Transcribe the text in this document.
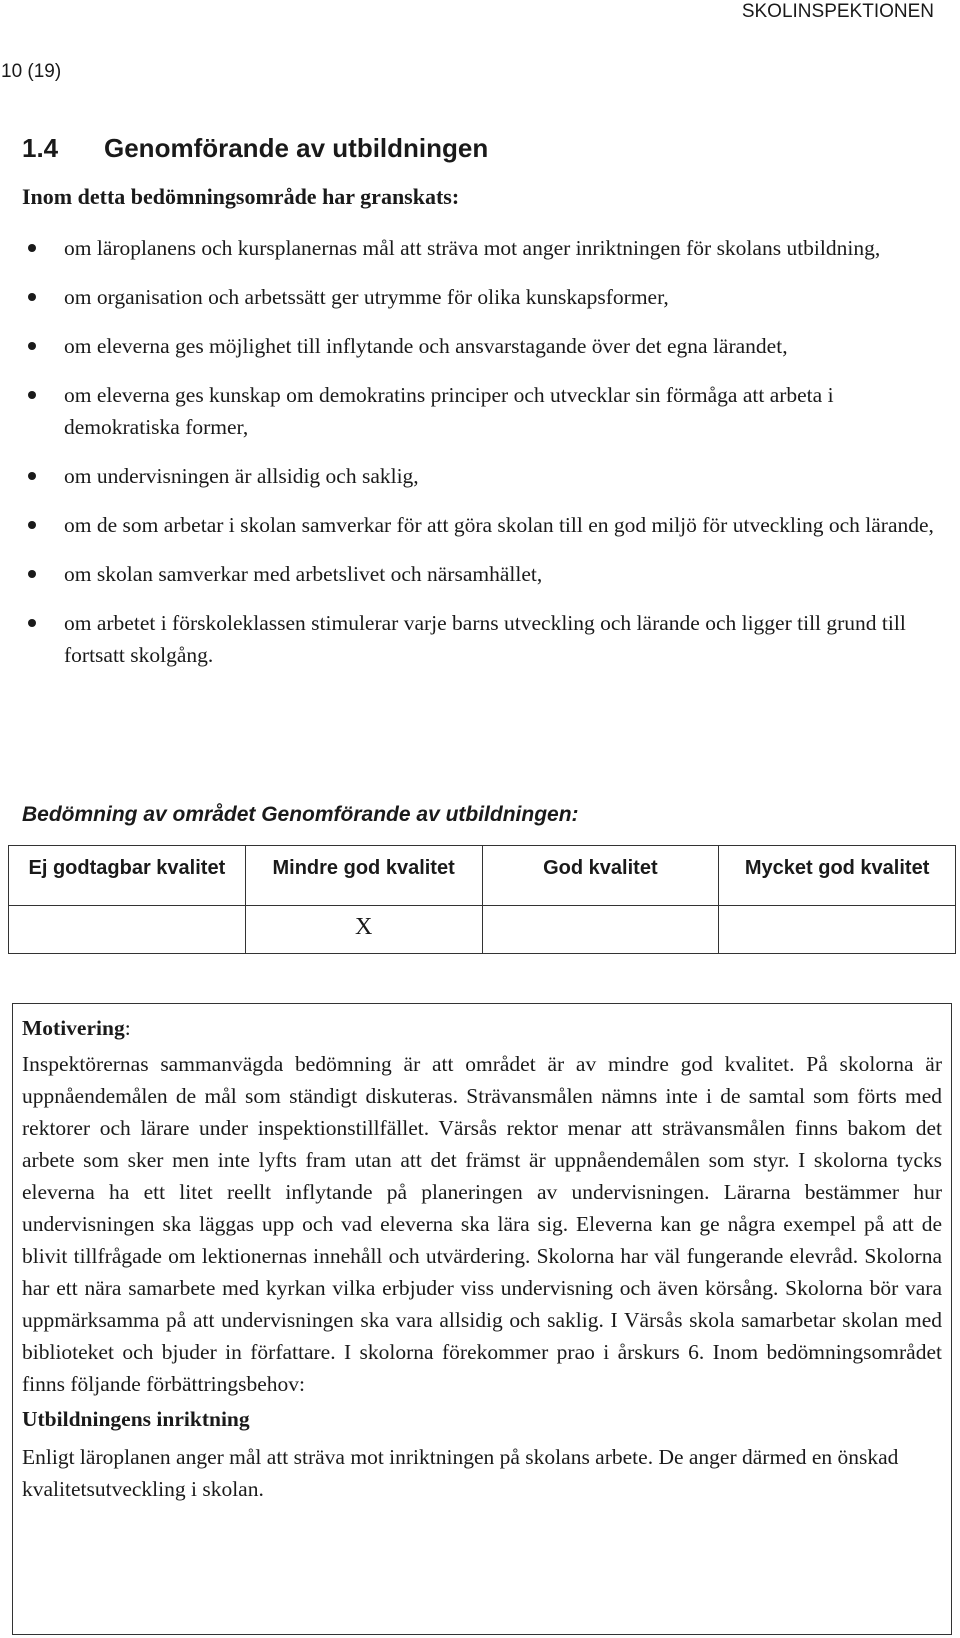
SKOLINSPEKTIONEN
10 (19)
1.4 Genomförande av utbildningen
Inom detta bedömningsområde har granskats:
om läroplanens och kursplanernas mål att sträva mot anger inriktningen för skolans utbildning,
om organisation och arbetssätt ger utrymme för olika kunskapsformer,
om eleverna ges möjlighet till inflytande och ansvarstagande över det egna lärandet,
om eleverna ges kunskap om demokratins principer och utvecklar sin förmåga att arbeta i demokratiska former,
om undervisningen är allsidig och saklig,
om de som arbetar i skolan samverkar för att göra skolan till en god miljö för utveckling och lärande,
om skolan samverkar med arbetslivet och närsamhället,
om arbetet i förskoleklassen stimulerar varje barns utveckling och lärande och ligger till grund till fortsatt skolgång.
Bedömning av området Genomförande av utbildningen:
Ej godtagbar kvalitet	Mindre god kvalitet	God kvalitet	Mycket god kvalitet
	X		

Motivering:

Inspektörernas sammanvägda bedömning är att området är av mindre god kvalitet. På skolorna är uppnåendemålen de mål som ständigt diskuteras. Strävansmålen nämns inte i de samtal som förts med rektorer och lärare under inspektionstillfället. Värsås rektor menar att strävansmålen finns bakom det arbete som sker men inte lyfts fram utan att det främst är uppnåendemålen som styr. I skolorna tycks eleverna ha ett litet reellt inflytande på planeringen av undervisningen. Lärarna bestämmer hur undervisningen ska läggas upp och vad eleverna ska lära sig. Eleverna kan ge några exempel på att de blivit tillfrågade om lektionernas innehåll och utvärdering. Skolorna har väl fungerande elevråd. Skolorna har ett nära samarbete med kyrkan vilka erbjuder viss undervisning och även körsång. Skolorna bör vara uppmärksamma på att undervisningen ska vara allsidig och saklig. I Värsås skola samarbetar skolan med biblioteket och bjuder in författare. I skolorna förekommer prao i årskurs 6. Inom bedömningsområdet finns följande förbättringsbehov:

Utbildningens inriktning

Enligt läroplanen anger mål att sträva mot inriktningen på skolans arbete. De anger därmed en önskad kvalitetsutveckling i skolan.
